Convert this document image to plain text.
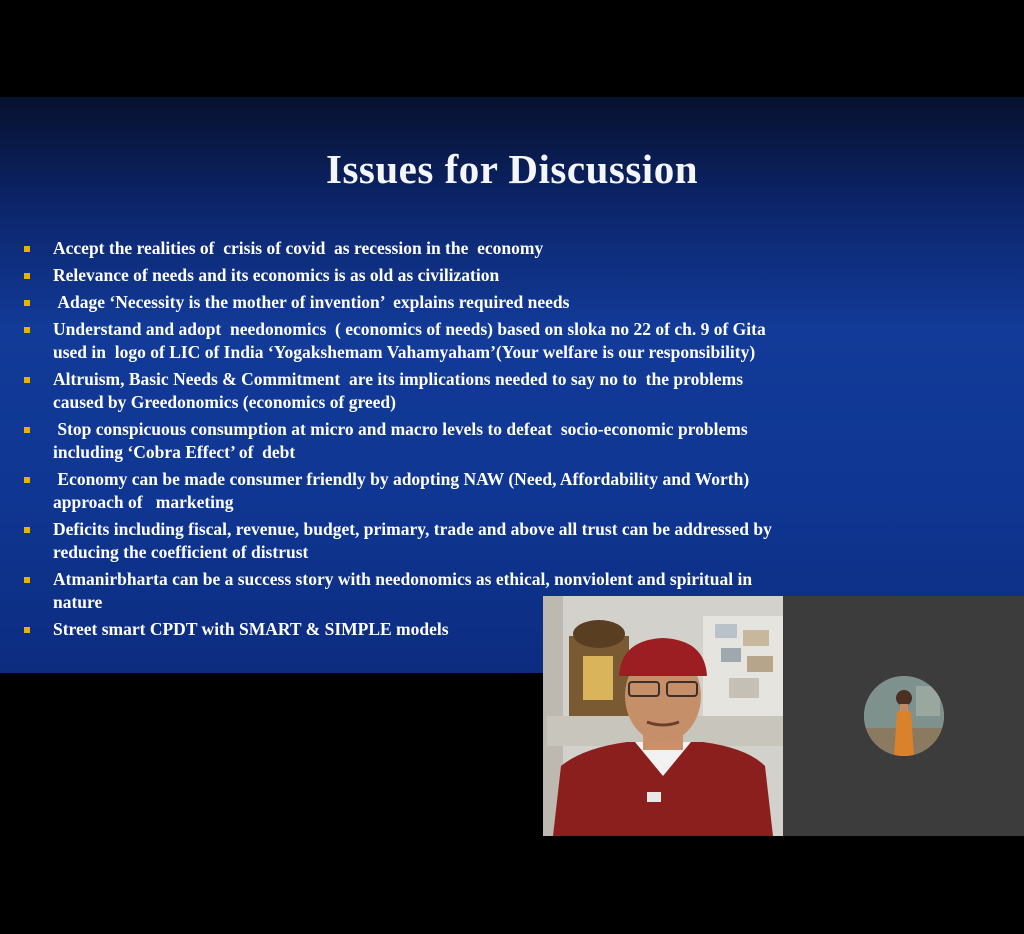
Issues for Discussion
Accept the realities of  crisis of covid  as recession in the  economy
Relevance of needs and its economics is as old as civilization
Adage ‘Necessity is the mother of invention’  explains required needs
Understand and adopt  needonomics  ( economics of needs) based on sloka no 22 of ch. 9 of Gita
used in  logo of LIC of India ‘Yogakshemam Vahamyaham’(Your welfare is our responsibility)
Altruism, Basic Needs & Commitment  are its implications needed to say no to  the problems
caused by Greedonomics (economics of greed)
Stop conspicuous consumption at micro and macro levels to defeat  socio-economic problems
including ‘Cobra Effect’ of  debt
Economy can be made consumer friendly by adopting NAW (Need, Affordability and Worth)
approach of   marketing
Deficits including fiscal, revenue, budget, primary, trade and above all trust can be addressed by
reducing the coefficient of distrust
Atmanirbharta can be a success story with needonomics as ethical, nonviolent and spiritual in
nature
Street smart CPDT with SMART & SIMPLE models
